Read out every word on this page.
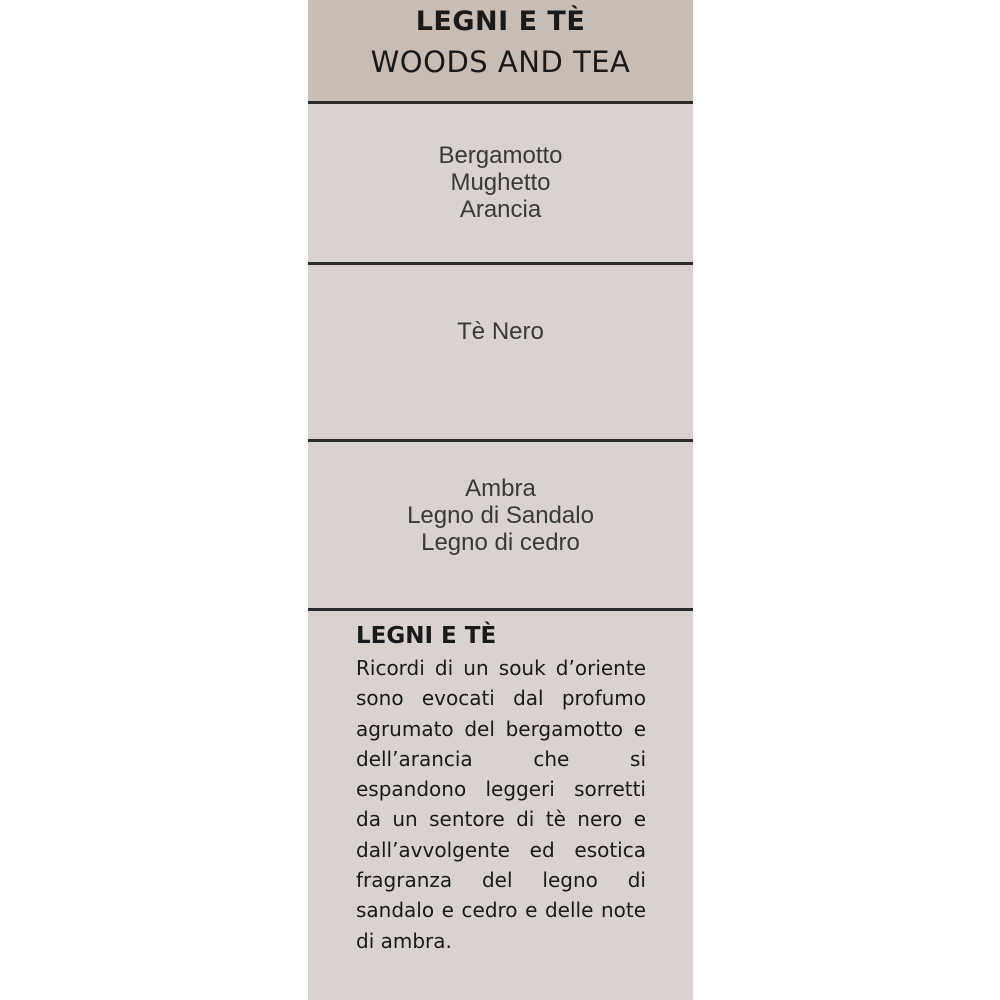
LEGNI E TÈ
WOODS AND TEA
Bergamotto
Mughetto
Arancia
Tè Nero
Ambra
Legno di Sandalo
Legno di cedro
LEGNI E TÈ
Ricordi di un souk d’oriente sono evocati dal profumo agrumato del bergamotto e dell’arancia che si espandono leggeri sorretti da un sentore di tè nero e dall’avvolgente ed esotica fragranza del legno di sandalo e cedro e delle note di ambra.
